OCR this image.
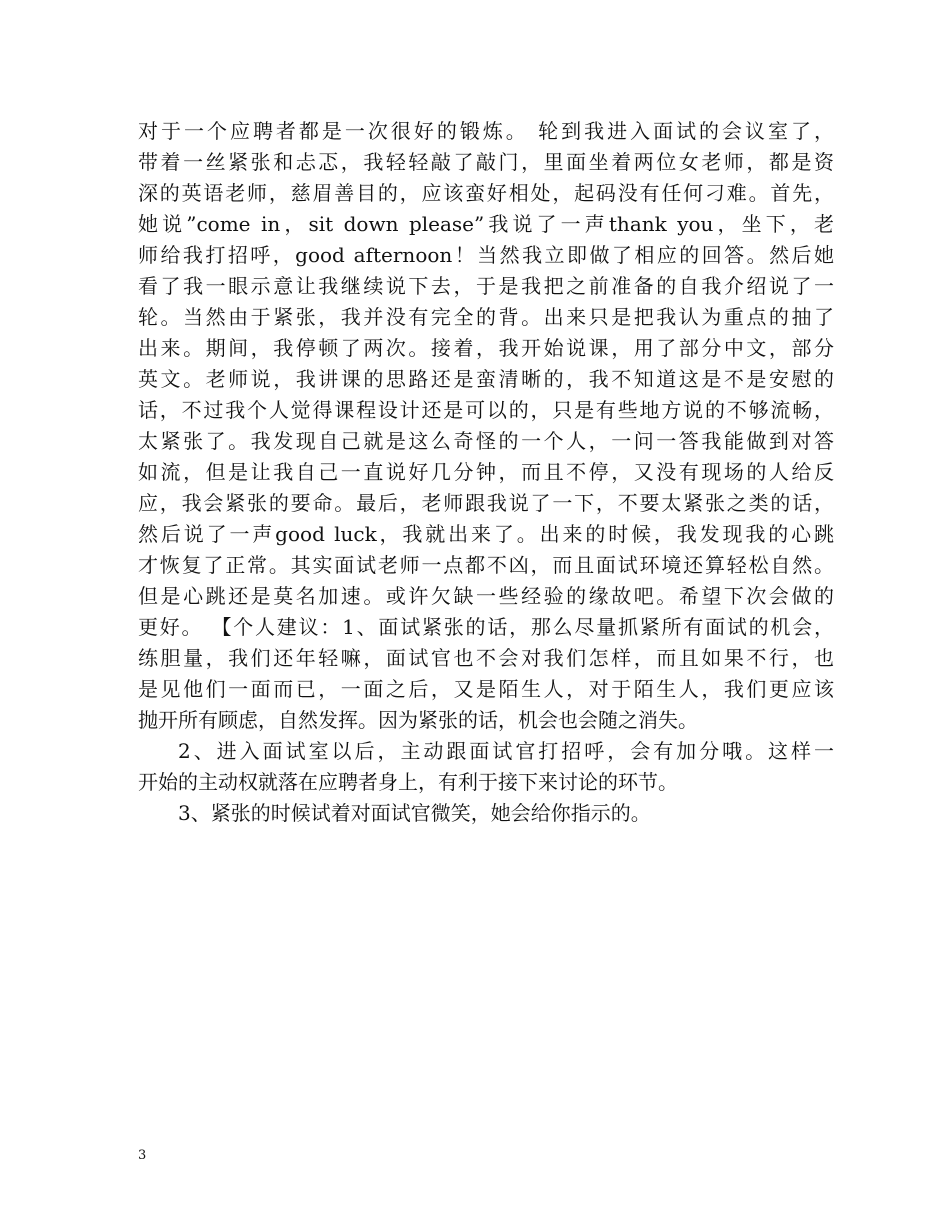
对于一个应聘者都是一次很好的锻炼。 轮到我进入面试的会议室了，
带着一丝紧张和忐忑，我轻轻敲了敲门，里面坐着两位女老师，都是资
深的英语老师，慈眉善目的，应该蛮好相处，起码没有任何刁难。首先，
她说”come in，sit down please”我说了一声thank you，坐下，老
师给我打招呼，good afternoon！当然我立即做了相应的回答。然后她
看了我一眼示意让我继续说下去，于是我把之前准备的自我介绍说了一
轮。当然由于紧张，我并没有完全的背。出来只是把我认为重点的抽了
出来。期间，我停顿了两次。接着，我开始说课，用了部分中文，部分
英文。老师说，我讲课的思路还是蛮清晰的，我不知道这是不是安慰的
话，不过我个人觉得课程设计还是可以的，只是有些地方说的不够流畅，
太紧张了。我发现自己就是这么奇怪的一个人，一问一答我能做到对答
如流，但是让我自己一直说好几分钟，而且不停，又没有现场的人给反
应，我会紧张的要命。最后，老师跟我说了一下，不要太紧张之类的话，
然后说了一声good luck，我就出来了。出来的时候，我发现我的心跳
才恢复了正常。其实面试老师一点都不凶，而且面试环境还算轻松自然。
但是心跳还是莫名加速。或许欠缺一些经验的缘故吧。希望下次会做的
更好。 【个人建议：1、面试紧张的话，那么尽量抓紧所有面试的机会，
练胆量，我们还年轻嘛，面试官也不会对我们怎样，而且如果不行，也
是见他们一面而已，一面之后，又是陌生人，对于陌生人，我们更应该
抛开所有顾虑，自然发挥。因为紧张的话，机会也会随之消失。
2、进入面试室以后，主动跟面试官打招呼，会有加分哦。这样一
开始的主动权就落在应聘者身上，有利于接下来讨论的环节。
3、紧张的时候试着对面试官微笑，她会给你指示的。
3
